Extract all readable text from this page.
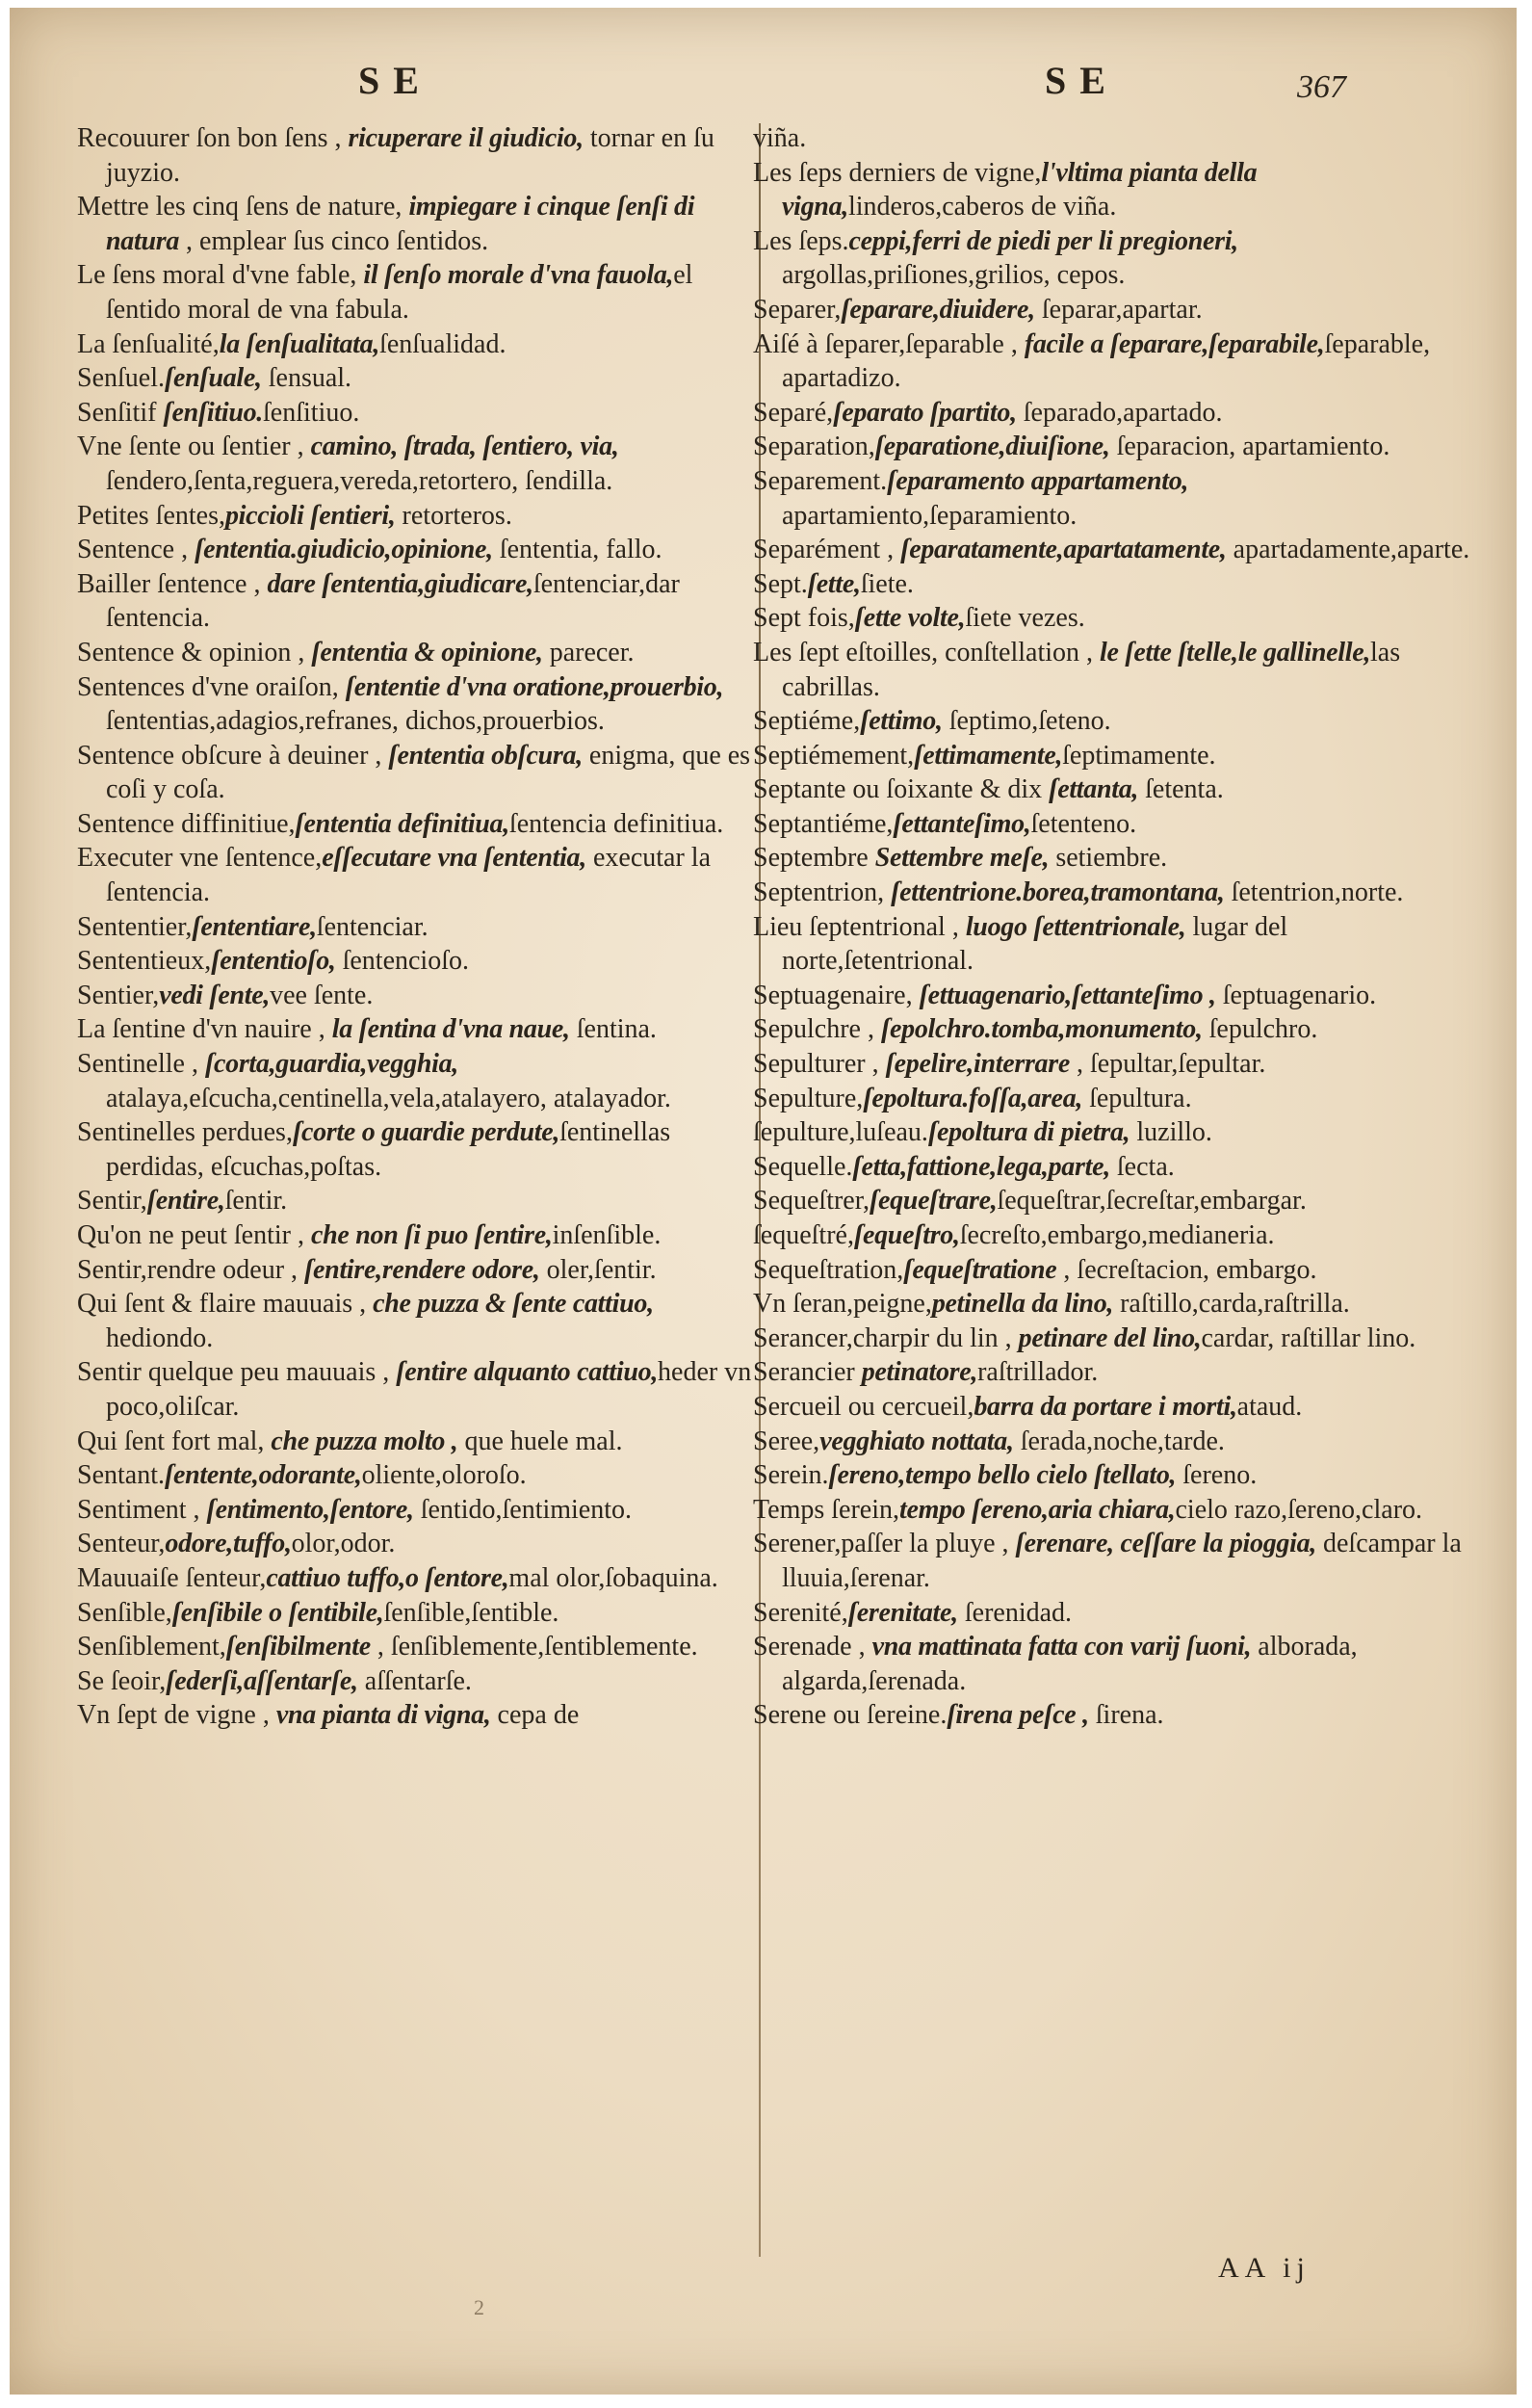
SE	SE	367

Recouurer ſon bon ſens , ricuperare il giudicio, tornar en ſu juyzio.

Mettre les cinq ſens de nature, impiegare i cinque ſenſi di natura , emplear ſus cinco ſentidos.

Le ſens moral d'vne fable, il ſenſo morale d'vna fauola,el ſentido moral de vna fabula.

La ſenſualité,la ſenſualitata,ſenſualidad.

Senſuel.ſenſuale, ſensual.

Senſitif ſenſitiuo.ſenſitiuo.

Vne ſente ou ſentier , camino, ſtrada, ſentiero, via, ſendero,ſenta,reguera,vereda,retortero, ſendilla.

Petites ſentes,piccioli ſentieri, retorteros.

Sentence , ſententia.giudicio,opinione, ſententia, fallo.

Bailler ſentence , dare ſententia,giudicare,ſentenciar,dar ſentencia.

Sentence & opinion , ſententia & opinione, parecer.

Sentences d'vne oraiſon, ſententie d'vna oratione,prouerbio, ſententias,adagios,refranes, dichos,prouerbios.

Sentence obſcure à deuiner , ſententia obſcura, enigma, que es coſi y coſa.

Sentence diffinitiue,ſententia definitiua,ſentencia definitiua.

Executer vne ſentence,eſſecutare vna ſententia, executar la ſentencia.

Sententier,ſententiare,ſentenciar.

Sententieux,ſententioſo, ſentencioſo.

Sentier,vedi ſente,vee ſente.

La ſentine d'vn nauire , la ſentina d'vna naue, ſentina.

Sentinelle , ſcorta,guardia,vegghia, atalaya,eſcucha,centinella,vela,atalayero, atalayador.

Sentinelles perdues,ſcorte o guardie perdute,ſentinellas perdidas, eſcuchas,poſtas.

Sentir,ſentire,ſentir.

Qu'on ne peut ſentir , che non ſi puo ſentire,inſenſible.

Sentir,rendre odeur , ſentire,rendere odore, oler,ſentir.

Qui ſent & flaire mauuais , che puzza & ſente cattiuo, hediondo.

Sentir quelque peu mauuais , ſentire alquanto cattiuo,heder vn poco,oliſcar.

Qui ſent fort mal, che puzza molto , que huele mal.

Sentant.ſentente,odorante,oliente,oloroſo.

Sentiment , ſentimento,ſentore, ſentido,ſentimiento.

Senteur,odore,tuffo,olor,odor.

Mauuaiſe ſenteur,cattiuo tuffo,o ſentore,mal olor,ſobaquina.

Senſible,ſenſibile o ſentibile,ſenſible,ſentible.

Senſiblement,ſenſibilmente , ſenſiblemente,ſentiblemente.

Se ſeoir,ſederſi,aſſentarſe, aſſentarſe.

Vn ſept de vigne , vna pianta di vigna, cepa de

viña.

Les ſeps derniers de vigne,l'vltima pianta della vigna,linderos,caberos de viña.

Les ſeps.ceppi,ferri de piedi per li pregioneri, argollas,priſiones,grilios, cepos.

Separer,ſeparare,diuidere, ſeparar,apartar.

Aiſé à ſeparer,ſeparable , facile a ſeparare,ſeparabile,ſeparable, apartadizo.

Separé,ſeparato ſpartito, ſeparado,apartado.

Separation,ſeparatione,diuiſione, ſeparacion, apartamiento.

Separement.ſeparamento appartamento, apartamiento,ſeparamiento.

Separément , ſeparatamente,apartatamente, apartadamente,aparte.

Sept.ſette,ſiete.

Sept fois,ſette volte,ſiete vezes.

Les ſept eſtoilles, conſtellation , le ſette ſtelle,le gallinelle,las cabrillas.

Septiéme,ſettimo, ſeptimo,ſeteno.

Septiémement,ſettimamente,ſeptimamente.

Septante ou ſoixante & dix ſettanta, ſetenta.

Septantiéme,ſettanteſimo,ſetenteno.

Septembre Settembre meſe, setiembre.

Septentrion, ſettentrione.borea,tramontana, ſetentrion,norte.

Lieu ſeptentrional , luogo ſettentrionale, lugar del norte,ſetentrional.

Septuagenaire, ſettuagenario,ſettanteſimo , ſeptuagenario.

Sepulchre , ſepolchro.tomba,monumento, ſepulchro.

Sepulturer , ſepelire,interrare , ſepultar,ſepultar.

Sepulture,ſepoltura.foſſa,area, ſepultura.

ſepulture,luſeau.ſepoltura di pietra, luzillo.

Sequelle.ſetta,fattione,lega,parte, ſecta.

Sequeſtrer,ſequeſtrare,ſequeſtrar,ſecreſtar,embargar.

ſequeſtré,ſequeſtro,ſecreſto,embargo,medianeria.

Sequeſtration,ſequeſtratione , ſecreſtacion, embargo.

Vn ſeran,peigne,petinella da lino, raſtillo,carda,raſtrilla.

Serancer,charpir du lin , petinare del lino,cardar, raſtillar lino.

Serancier petinatore,raſtrillador.

Sercueil ou cercueil,barra da portare i morti,ataud.

Seree,vegghiato nottata, ſerada,noche,tarde.

Serein.ſereno,tempo bello cielo ſtellato, ſereno.

Temps ſerein,tempo ſereno,aria chiara,cielo razo,ſereno,claro.

Serener,paſſer la pluye , ſerenare, ceſſare la pioggia, deſcampar la lluuia,ſerenar.

Serenité,ſerenitate, ſerenidad.

Serenade , vna mattinata fatta con varij ſuoni, alborada, algarda,ſerenada.

Serene ou ſereine.ſirena peſce , ſirena.

AA ij
2
